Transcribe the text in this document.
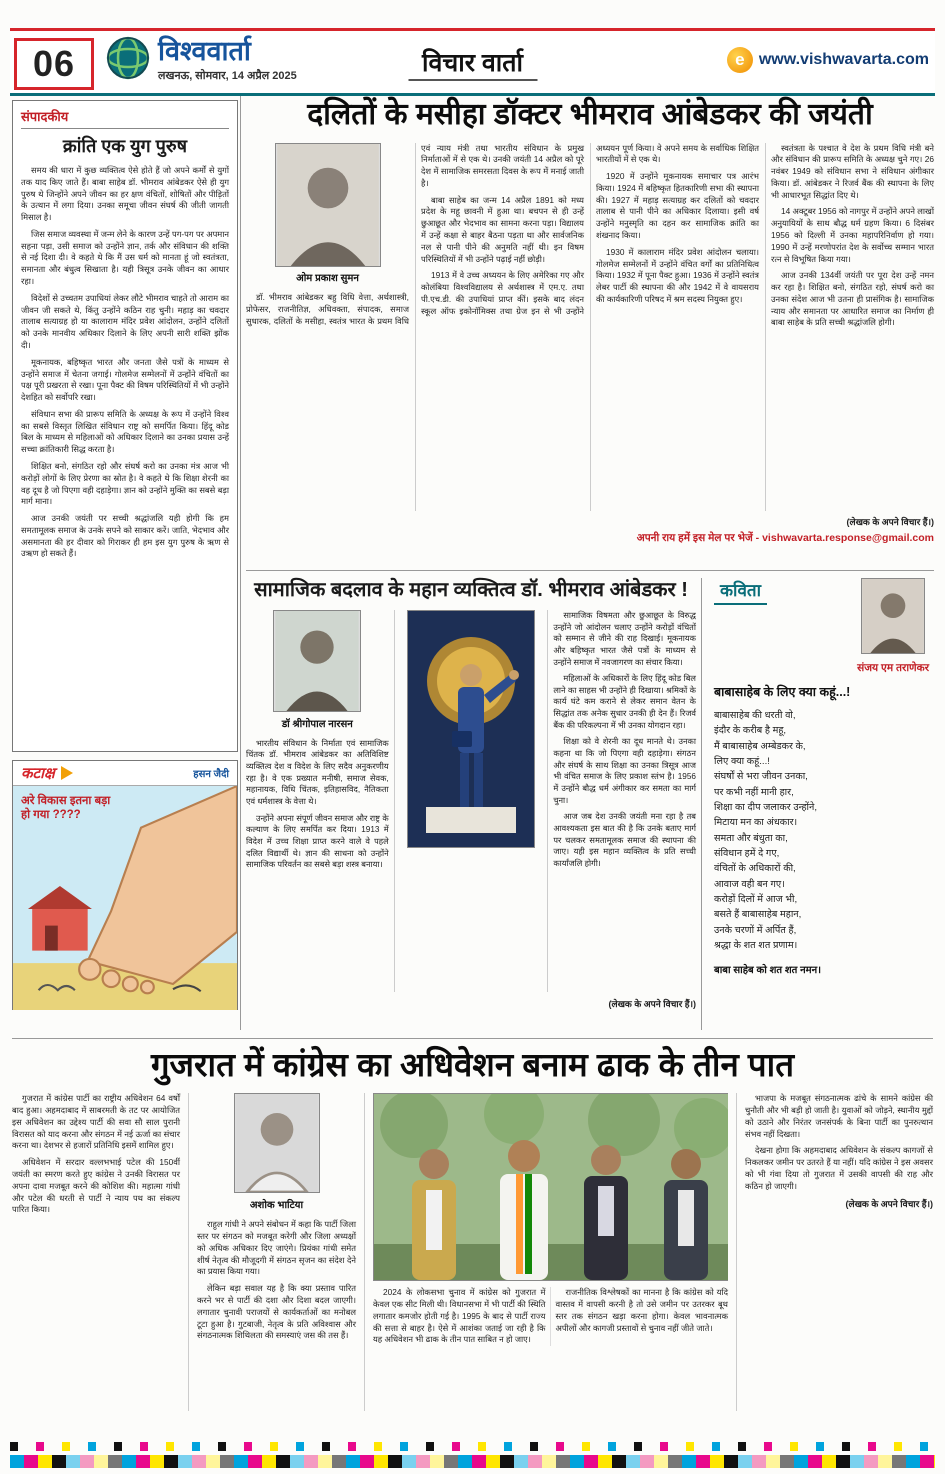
06	विश्ववार्ता
लखनऊ, सोमवार, 14 अप्रैल 2025	विचार वार्ता	e www.vishwavarta.com
संपादकीय
क्रांति एक युग पुरुष

समय की धारा में कुछ व्यक्तित्व ऐसे होते हैं जो अपने कर्मों से युगों तक याद किए जाते हैं। बाबा साहेब डॉ. भीमराव आंबेडकर ऐसे ही युग पुरुष थे जिन्होंने अपने जीवन का हर क्षण वंचितों, शोषितों और पीड़ितों के उत्थान में लगा दिया। उनका समूचा जीवन संघर्ष की जीती जागती मिसाल है।

जिस समाज व्यवस्था में जन्म लेने के कारण उन्हें पग-पग पर अपमान सहना पड़ा, उसी समाज को उन्होंने ज्ञान, तर्क और संविधान की शक्ति से नई दिशा दी। वे कहते थे कि मैं उस धर्म को मानता हूं जो स्वतंत्रता, समानता और बंधुत्व सिखाता है। यही त्रिसूत्र उनके जीवन का आधार रहा।

विदेशों से उच्चतम उपाधियां लेकर लौटे भीमराव चाहते तो आराम का जीवन जी सकते थे, किंतु उन्होंने कठिन राह चुनी। महाड़ का चवदार तालाब सत्याग्रह हो या कालाराम मंदिर प्रवेश आंदोलन, उन्होंने दलितों को उनके मानवीय अधिकार दिलाने के लिए अपनी सारी शक्ति झोंक दी।

मूकनायक, बहिष्कृत भारत और जनता जैसे पत्रों के माध्यम से उन्होंने समाज में चेतना जगाई। गोलमेज सम्मेलनों में उन्होंने वंचितों का पक्ष पूरी प्रखरता से रखा। पूना पैक्ट की विषम परिस्थितियों में भी उन्होंने देशहित को सर्वोपरि रखा।

संविधान सभा की प्रारूप समिति के अध्यक्ष के रूप में उन्होंने विश्व का सबसे विस्तृत लिखित संविधान राष्ट्र को समर्पित किया। हिंदू कोड बिल के माध्यम से महिलाओं को अधिकार दिलाने का उनका प्रयास उन्हें सच्चा क्रांतिकारी सिद्ध करता है।

शिक्षित बनो, संगठित रहो और संघर्ष करो का उनका मंत्र आज भी करोड़ों लोगों के लिए प्रेरणा का स्रोत है। वे कहते थे कि शिक्षा शेरनी का वह दूध है जो पिएगा वही दहाड़ेगा। ज्ञान को उन्होंने मुक्ति का सबसे बड़ा मार्ग माना।

आज उनकी जयंती पर सच्ची श्रद्धांजलि यही होगी कि हम समतामूलक समाज के उनके सपने को साकार करें। जाति, भेदभाव और असमानता की हर दीवार को गिराकर ही हम इस युग पुरुष के ऋण से उऋण हो सकते हैं।

कटाक्ष	हसन जैदी
अरे विकास इतना बड़ा हो गया ????
दलितों के मसीहा डॉक्टर भीमराव आंबेडकर की जयंती
ओम प्रकाश सुमन

डॉ. भीमराव आंबेडकर बहु विधि वेत्ता, अर्थशास्त्री, प्रोफेसर, राजनीतिज्ञ, अधिवक्ता, संपादक, समाज सुधारक, दलितों के मसीहा, स्वतंत्र भारत के प्रथम विधि एवं न्याय मंत्री तथा भारतीय संविधान के प्रमुख निर्माताओं में से एक थे। उनकी जयंती 14 अप्रैल को पूरे देश में सामाजिक समरसता दिवस के रूप में मनाई जाती है।

बाबा साहेब का जन्म 14 अप्रैल 1891 को मध्य प्रदेश के महू छावनी में हुआ था। बचपन से ही उन्हें छुआछूत और भेदभाव का सामना करना पड़ा। विद्यालय में उन्हें कक्षा से बाहर बैठना पड़ता था और सार्वजनिक नल से पानी पीने की अनुमति नहीं थी। इन विषम परिस्थितियों में भी उन्होंने पढ़ाई नहीं छोड़ी।

1913 में वे उच्च अध्ययन के लिए अमेरिका गए और कोलंबिया विश्वविद्यालय से अर्थशास्त्र में एम.ए. तथा पी.एच.डी. की उपाधियां प्राप्त कीं। इसके बाद लंदन स्कूल ऑफ इकोनॉमिक्स तथा ग्रेज इन से भी उन्होंने अध्ययन पूर्ण किया। वे अपने समय के सर्वाधिक शिक्षित भारतीयों में से एक थे।

1920 में उन्होंने मूकनायक समाचार पत्र आरंभ किया। 1924 में बहिष्कृत हितकारिणी सभा की स्थापना की। 1927 में महाड़ सत्याग्रह कर दलितों को चवदार तालाब से पानी पीने का अधिकार दिलाया। इसी वर्ष उन्होंने मनुस्मृति का दहन कर सामाजिक क्रांति का शंखनाद किया।

1930 में कालाराम मंदिर प्रवेश आंदोलन चलाया। गोलमेज सम्मेलनों में उन्होंने वंचित वर्गों का प्रतिनिधित्व किया। 1932 में पूना पैक्ट हुआ। 1936 में उन्होंने स्वतंत्र लेबर पार्टी की स्थापना की और 1942 में वे वायसराय की कार्यकारिणी परिषद में श्रम सदस्य नियुक्त हुए।

स्वतंत्रता के पश्चात वे देश के प्रथम विधि मंत्री बने और संविधान की प्रारूप समिति के अध्यक्ष चुने गए। 26 नवंबर 1949 को संविधान सभा ने संविधान अंगीकार किया। डॉ. आंबेडकर ने रिजर्व बैंक की स्थापना के लिए भी आधारभूत सिद्धांत दिए थे।

14 अक्टूबर 1956 को नागपुर में उन्होंने अपने लाखों अनुयायियों के साथ बौद्ध धर्म ग्रहण किया। 6 दिसंबर 1956 को दिल्ली में उनका महापरिनिर्वाण हो गया। 1990 में उन्हें मरणोपरांत देश के सर्वोच्च सम्मान भारत रत्न से विभूषित किया गया।

आज उनकी 134वीं जयंती पर पूरा देश उन्हें नमन कर रहा है। शिक्षित बनो, संगठित रहो, संघर्ष करो का उनका संदेश आज भी उतना ही प्रासंगिक है। सामाजिक न्याय और समानता पर आधारित समाज का निर्माण ही बाबा साहेब के प्रति सच्ची श्रद्धांजलि होगी।

(लेखक के अपने विचार हैं।)
अपनी राय हमें इस मेल पर भेजें - vishwavarta.response@gmail.com
सामाजिक बदलाव के महान व्यक्तित्व डॉ. भीमराव आंबेडकर !
डॉ श्रीगोपाल नारसन

भारतीय संविधान के निर्माता एवं सामाजिक चिंतक डॉ. भीमराव आंबेडकर का अतिविशिष्ट व्यक्तित्व देश व विदेश के लिए सदैव अनुकरणीय रहा है। वे एक प्रख्यात मनीषी, समाज सेवक, महानायक, विधि चिंतक, इतिहासविद, नैतिकता एवं धर्मशास्त्र के वेत्ता थे।

उन्होंने अपना संपूर्ण जीवन समाज और राष्ट्र के कल्याण के लिए समर्पित कर दिया। 1913 में विदेश में उच्च शिक्षा प्राप्त करने वाले वे पहले दलित विद्यार्थी थे। ज्ञान की साधना को उन्होंने सामाजिक परिवर्तन का सबसे बड़ा शस्त्र बनाया।

सामाजिक विषमता और छुआछूत के विरुद्ध उन्होंने जो आंदोलन चलाए उन्होंने करोड़ों वंचितों को सम्मान से जीने की राह दिखाई। मूकनायक और बहिष्कृत भारत जैसे पत्रों के माध्यम से उन्होंने समाज में नवजागरण का संचार किया।

महिलाओं के अधिकारों के लिए हिंदू कोड बिल लाने का साहस भी उन्होंने ही दिखाया। श्रमिकों के कार्य घंटे कम कराने से लेकर समान वेतन के सिद्धांत तक अनेक सुधार उनकी ही देन हैं। रिजर्व बैंक की परिकल्पना में भी उनका योगदान रहा।

शिक्षा को वे शेरनी का दूध मानते थे। उनका कहना था कि जो पिएगा वही दहाड़ेगा। संगठन और संघर्ष के साथ शिक्षा का उनका त्रिसूत्र आज भी वंचित समाज के लिए प्रकाश स्तंभ है। 1956 में उन्होंने बौद्ध धर्म अंगीकार कर समता का मार्ग चुना।

आज जब देश उनकी जयंती मना रहा है तब आवश्यकता इस बात की है कि उनके बताए मार्ग पर चलकर समतामूलक समाज की स्थापना की जाए। यही इस महान व्यक्तित्व के प्रति सच्ची कार्यांजलि होगी।

(लेखक के अपने विचार हैं।)
कविता
संजय एम तराणेकर
बाबासाहेब के लिए क्या कहूं...!
बाबासाहेब की धरती वो,
इंदौर के करीब है महू,
मैं बाबासाहेब अम्बेडकर के,
लिए क्या कहूं...!
संघर्षों से भरा जीवन उनका,
पर कभी नहीं मानी हार,
शिक्षा का दीप जलाकर उन्होंने,
मिटाया मन का अंधकार।
समता और बंधुता का,
संविधान हमें दे गए,
वंचितों के अधिकारों की,
आवाज वही बन गए।
करोड़ों दिलों में आज भी,
बसते हैं बाबासाहेब महान,
उनके चरणों में अर्पित हैं,
श्रद्धा के शत शत प्रणाम।
बाबा साहेब को शत शत नमन।
गुजरात में कांग्रेस का अधिवेशन बनाम ढाक के तीन पात

गुजरात में कांग्रेस पार्टी का राष्ट्रीय अधिवेशन 64 वर्षों बाद हुआ। अहमदाबाद में साबरमती के तट पर आयोजित इस अधिवेशन का उद्देश्य पार्टी की सवा सौ साल पुरानी विरासत को याद करना और संगठन में नई ऊर्जा का संचार करना था। देशभर से हजारों प्रतिनिधि इसमें शामिल हुए।

अधिवेशन में सरदार वल्लभभाई पटेल की 150वीं जयंती का स्मरण करते हुए कांग्रेस ने उनकी विरासत पर अपना दावा मजबूत करने की कोशिश की। महात्मा गांधी और पटेल की धरती से पार्टी ने न्याय पथ का संकल्प पारित किया।	अशोक भाटिया

राहुल गांधी ने अपने संबोधन में कहा कि पार्टी जिला स्तर पर संगठन को मजबूत करेगी और जिला अध्यक्षों को अधिक अधिकार दिए जाएंगे। प्रियंका गांधी समेत शीर्ष नेतृत्व की मौजूदगी में संगठन सृजन का संदेश देने का प्रयास किया गया।

लेकिन बड़ा सवाल यह है कि क्या प्रस्ताव पारित करने भर से पार्टी की दशा और दिशा बदल जाएगी। लगातार चुनावी पराजयों से कार्यकर्ताओं का मनोबल टूटा हुआ है। गुटबाजी, नेतृत्व के प्रति अविश्वास और संगठनात्मक शिथिलता की समस्याएं जस की तस हैं।

2024 के लोकसभा चुनाव में कांग्रेस को गुजरात में केवल एक सीट मिली थी। विधानसभा में भी पार्टी की स्थिति लगातार कमजोर होती गई है। 1995 के बाद से पार्टी राज्य की सत्ता से बाहर है। ऐसे में आशंका जताई जा रही है कि यह अधिवेशन भी ढाक के तीन पात साबित न हो जाए।

राजनीतिक विश्लेषकों का मानना है कि कांग्रेस को यदि वास्तव में वापसी करनी है तो उसे जमीन पर उतरकर बूथ स्तर तक संगठन खड़ा करना होगा। केवल भावनात्मक अपीलों और कागजी प्रस्तावों से चुनाव नहीं जीते जाते।

भाजपा के मजबूत संगठनात्मक ढांचे के सामने कांग्रेस की चुनौती और भी बड़ी हो जाती है। युवाओं को जोड़ने, स्थानीय मुद्दों को उठाने और निरंतर जनसंपर्क के बिना पार्टी का पुनरुत्थान संभव नहीं दिखता।

देखना होगा कि अहमदाबाद अधिवेशन के संकल्प कागजों से निकलकर जमीन पर उतरते हैं या नहीं। यदि कांग्रेस ने इस अवसर को भी गंवा दिया तो गुजरात में उसकी वापसी की राह और कठिन हो जाएगी।

(लेखक के अपने विचार हैं।)
